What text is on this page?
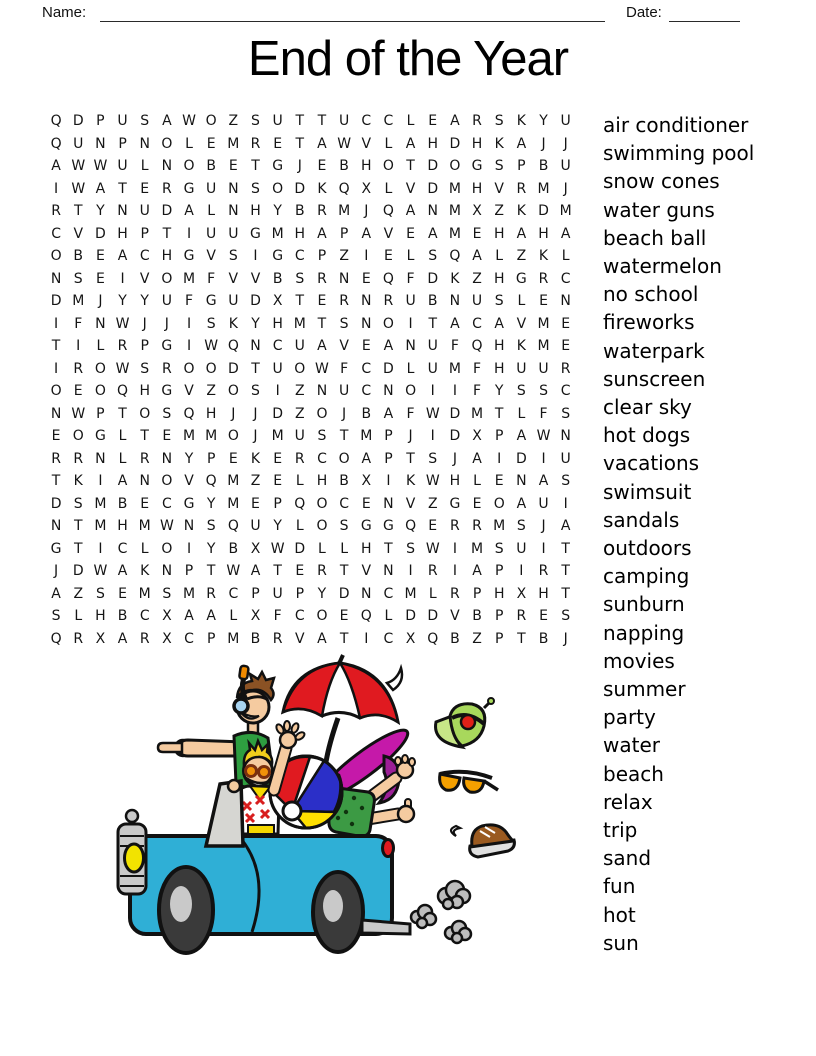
Name:	Date:
End of the Year
Q D P U S A W O Z S U T T U C C L E A R S K Y U
Q U N P N O L E M R E T A W V L A H D H K A	J	J
A W W U L N O B E T G	J	E B H O T D O G S P B U
I W A T E R G U N S O D K Q X L V D M H V R M	J
R T Y N U D A L N H Y B R M	J	Q A N M X Z K D M
C V D H P T	I	U U G M H A P A V E A M E H A H A
O B E A C H G V S	I	G C P Z	I	E L S Q A L Z K L
N S E	I	V O M F V V B S R N E Q F D K Z H G R C
D M	J	Y Y U F G U D X T E R N R U B N U S L E N
I	F N W J	J	I	S K Y H M T S N O	I	T A C A V M E
T	I	L R P G	I W Q N C U A V E A N U F Q H K M E
I	R O W S R O O D T U O W F C D L U M F H U U R
O E O Q H G V Z O S	I	Z N U C N O	I	I	F Y S S C
N W P T O S Q H	J	J	D Z O	J	B A F W D M T L	F S
E O G L T E M M O	J	M U S T M P	J	I	D X P A W N
R R N L R N Y P E K E R C O A P T S	J	A	I	D	I	U
T K	I	A N O V Q M Z E L H B X	I	K W H L E N A S
D S M B E C G Y M E P Q O C E N V Z G E O A U	I
N T M H M W N S Q U Y L O S G G Q E R R M S	J	A
G T	I	C L O	I	Y B X W D L	L H T S W I	M S U	I	T
J	D W A K N P T W A T E R T V N	I	R	I	A P	I	R T
A Z S E M S M R C P U P Y D N C M L R P H X H T
S L H B C X A A L X F C O E Q L D D V B P R E S
Q R X A R X C P M B R V A T	I	C X Q B Z P T B	J
air conditioner
swimming pool
snow cones
water guns
beach ball
watermelon
no school
fireworks
waterpark
sunscreen
clear sky
hot dogs
vacations
swimsuit
sandals
outdoors
camping
sunburn
napping
movies
summer
party
water
beach
relax
trip
sand
fun
hot
sun
